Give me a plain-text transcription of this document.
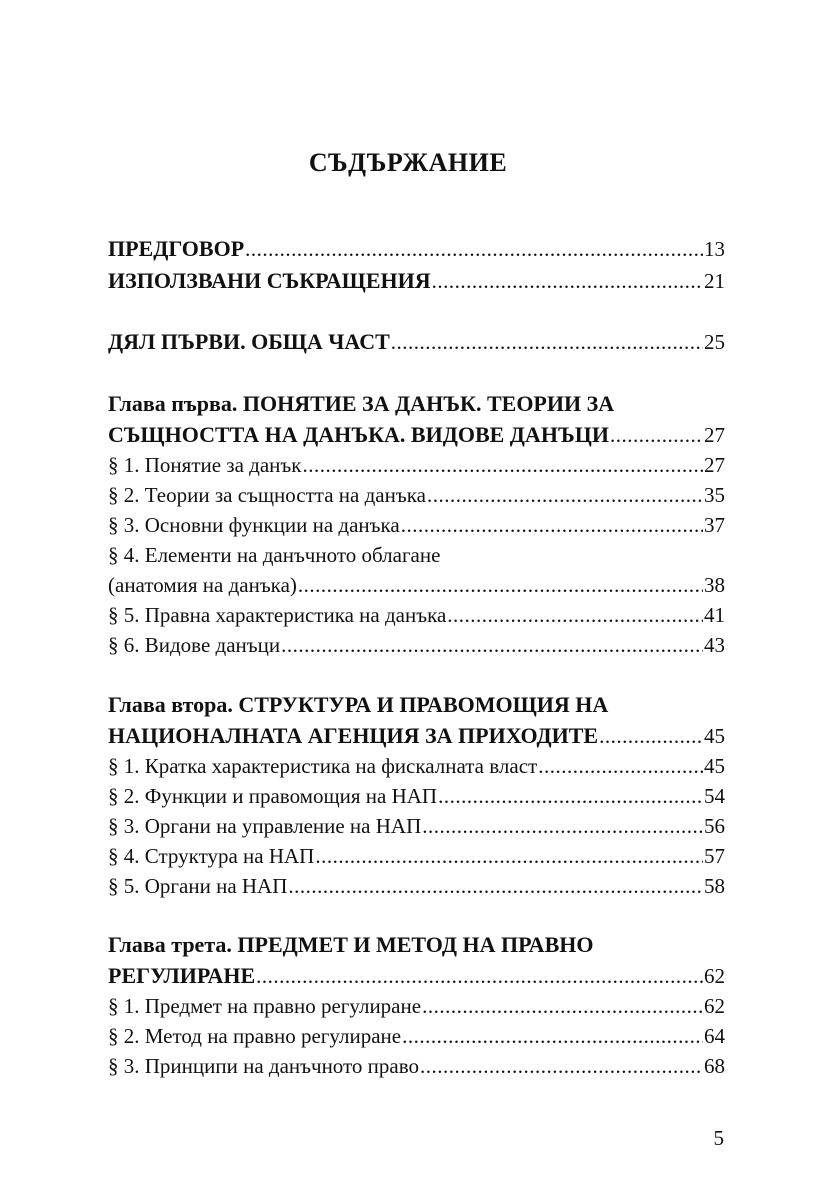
СЪДЪРЖАНИЕ
ПРЕДГОВОР .....	13
ИЗПОЛЗВАНИ СЪКРАЩЕНИЯ .....	21
ДЯЛ ПЪРВИ. ОБЩА ЧАСТ .....	25
Глава първа. ПОНЯТИЕ ЗА ДАНЪК. ТЕОРИИ ЗА
СЪЩНОСТТА НА ДАНЪКА. ВИДОВЕ ДАНЪЦИ .....	27
§ 1. Понятие за данък .....	27
§ 2. Теории за същността на данъка .....	35
§ 3. Основни функции на данъка .....	37
§ 4. Елементи на данъчното облагане
(анатомия на данъка) .....	38
§ 5. Правна характеристика на данъка .....	41
§ 6. Видове данъци .....	43
Глава втора. СТРУКТУРА И ПРАВОМОЩИЯ НА
НАЦИОНАЛНАТА АГЕНЦИЯ ЗА ПРИХОДИТЕ .....	45
§ 1. Кратка характеристика на фискалната власт .....	45
§ 2. Функции и правомощия на НАП .....	54
§ 3. Органи на управление на НАП .....	56
§ 4. Структура на НАП .....	57
§ 5. Органи на НАП .....	58
Глава трета. ПРЕДМЕТ И МЕТОД НА ПРАВНО
РЕГУЛИРАНЕ .....	62
§ 1. Предмет на правно регулиране .....	62
§ 2. Метод на правно регулиране .....	64
§ 3. Принципи на данъчното право .....	68
5
